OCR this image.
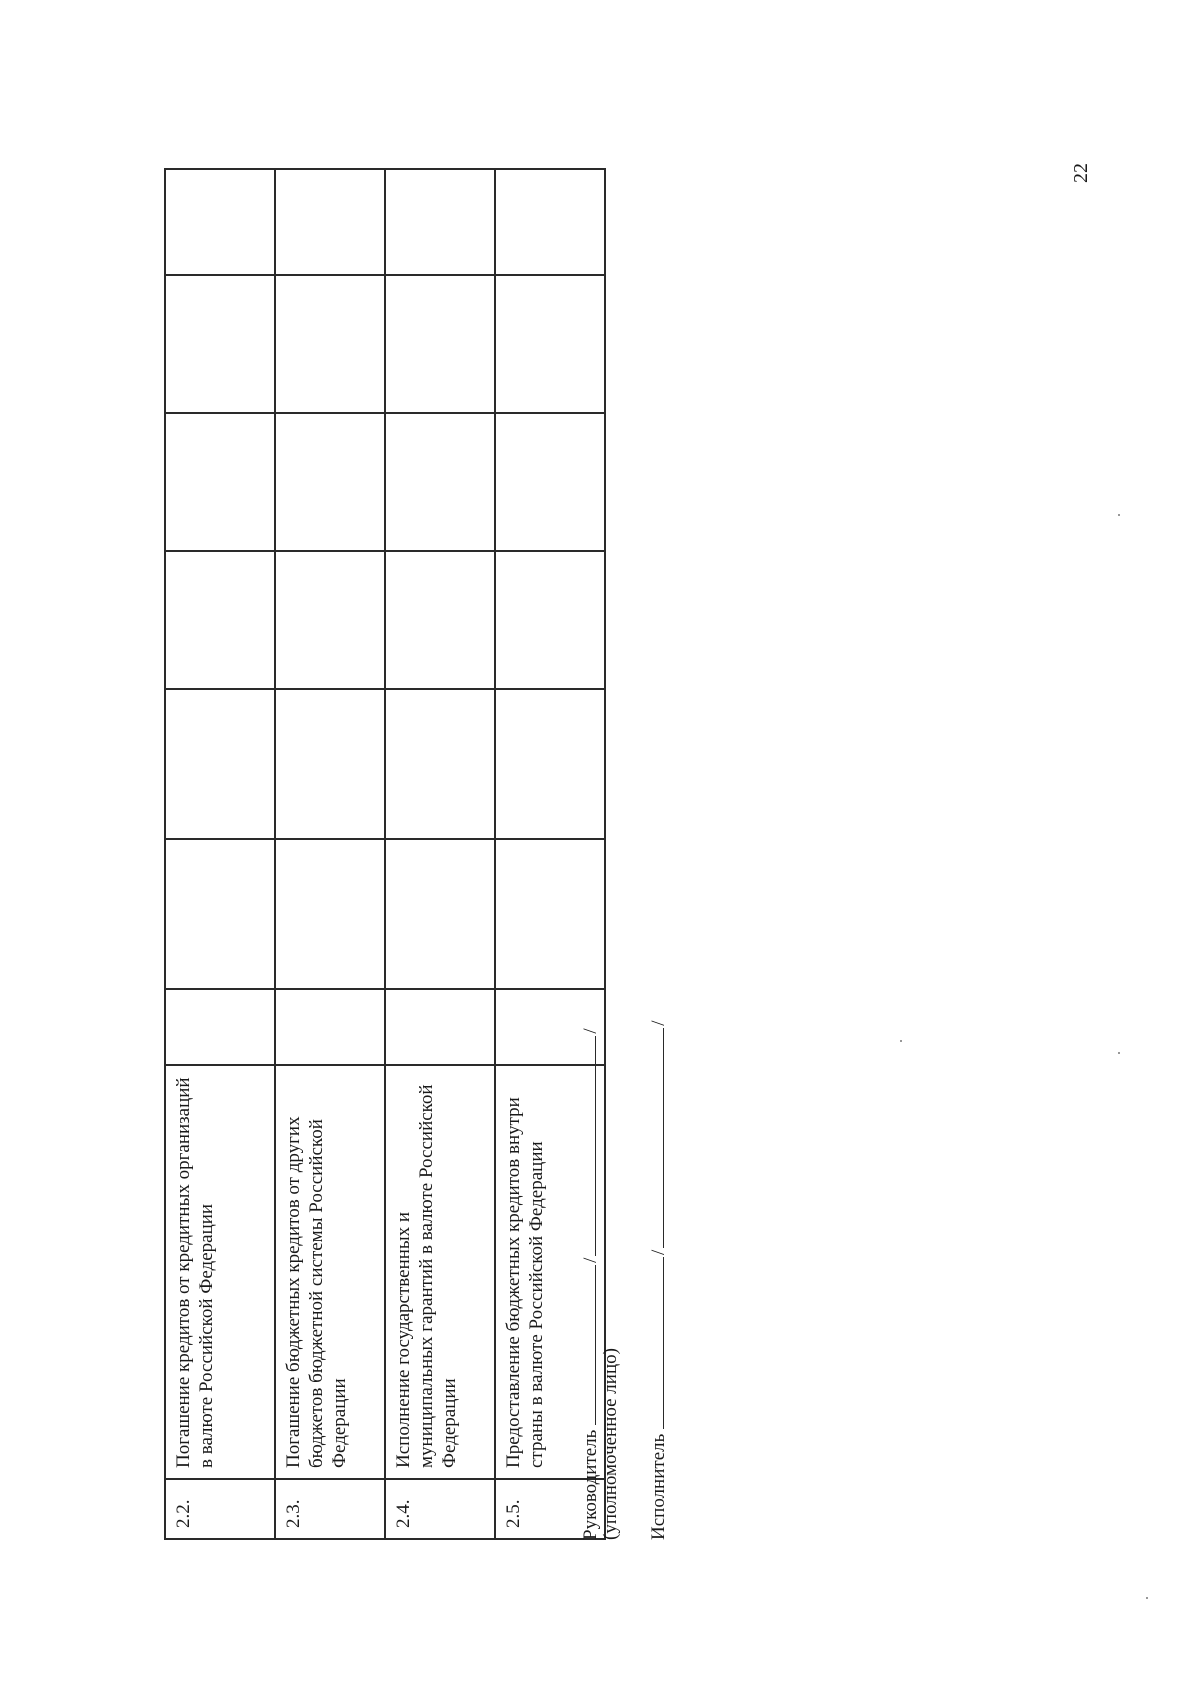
22
2.2.	Погашение кредитов от кредитных организаций в валюте Российской Федерации							
2.3.	Погашение бюджетных кредитов от других бюджетов бюджетной системы Российской Федерации							
2.4.	Исполнение государственных и муниципальных гарантий в валюте Российской Федерации							
2.5.	Предоставление бюджетных кредитов внутри страны в валюте Российской Федерации							
Руководитель //
(уполномоченное лицо) Исполнитель //
